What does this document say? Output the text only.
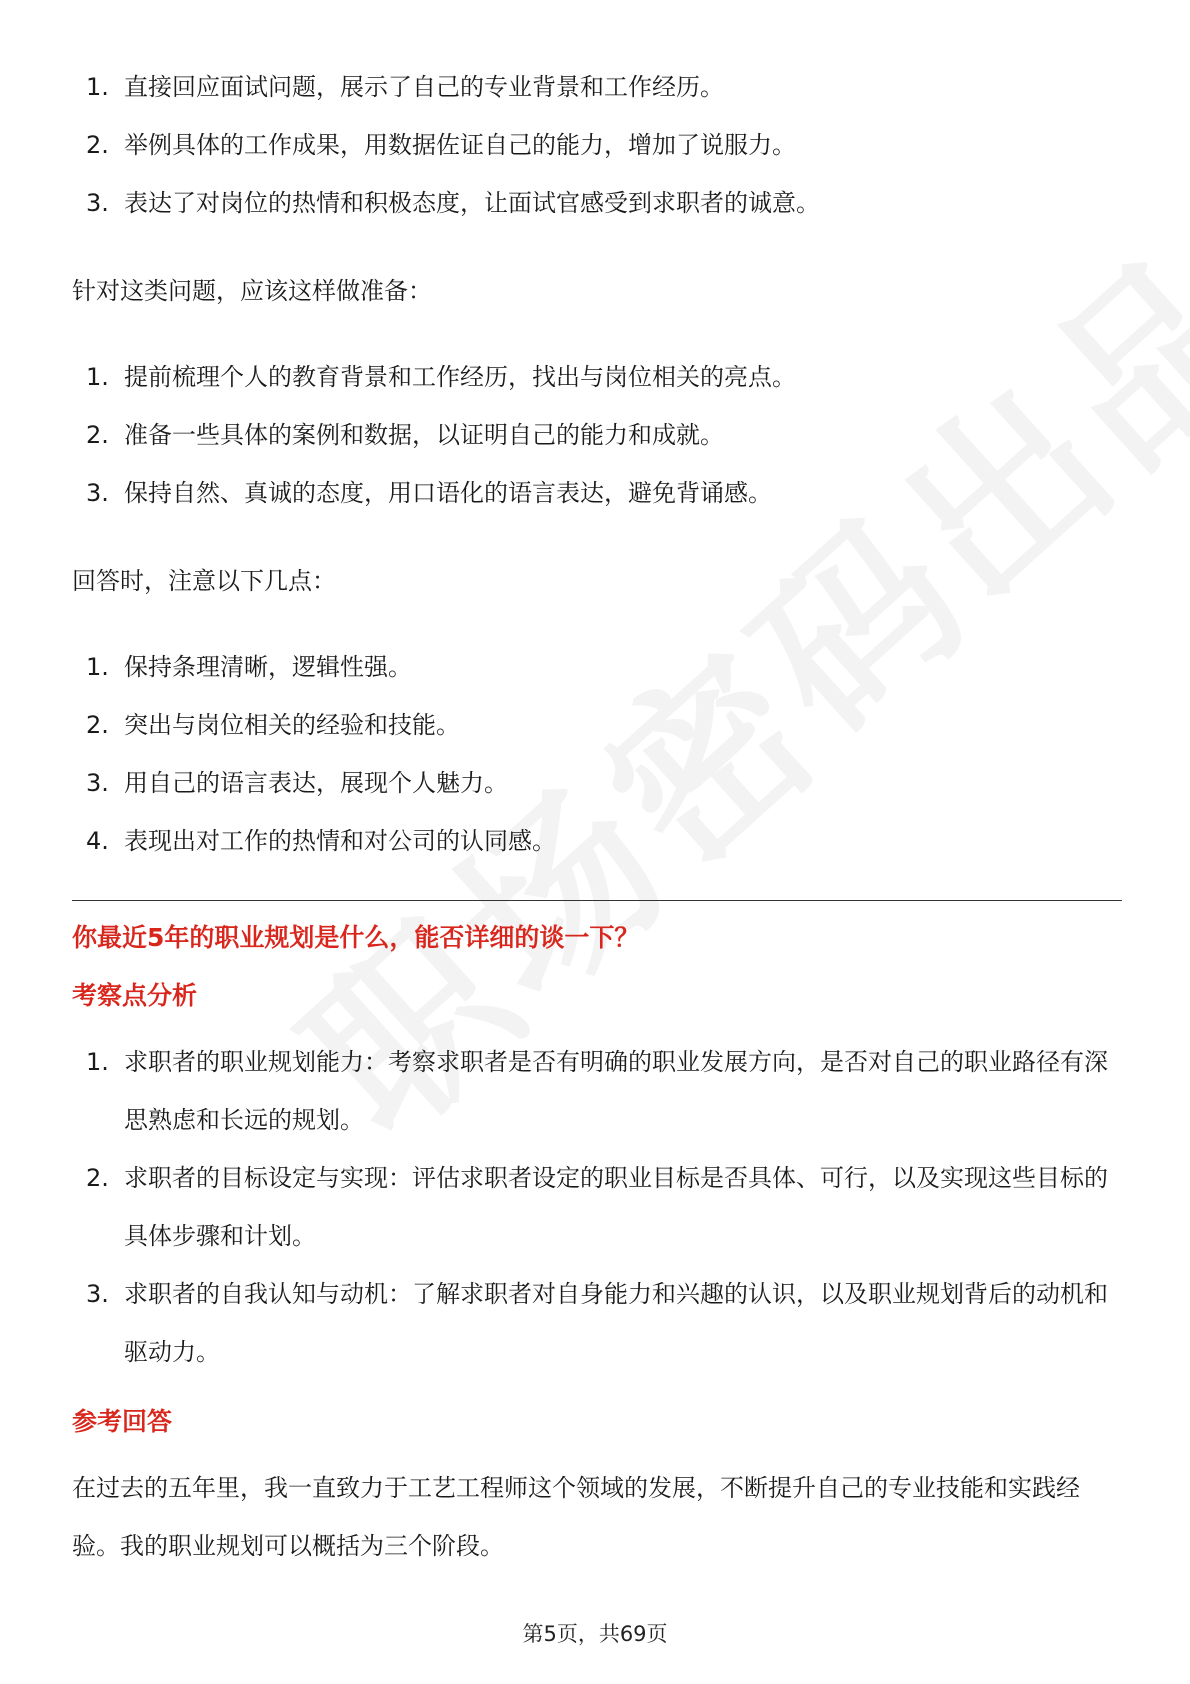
1. 直接回应面试问题，展示了自己的专业背景和工作经历。
2. 举例具体的工作成果，用数据佐证自己的能力，增加了说服力。
3. 表达了对岗位的热情和积极态度，让面试官感受到求职者的诚意。

针对这类问题，应该这样做准备：

1. 提前梳理个人的教育背景和工作经历，找出与岗位相关的亮点。
2. 准备一些具体的案例和数据，以证明自己的能力和成就。
3. 保持自然、真诚的态度，用口语化的语言表达，避免背诵感。

回答时，注意以下几点：

1. 保持条理清晰，逻辑性强。
2. 突出与岗位相关的经验和技能。
3. 用自己的语言表达，展现个人魅力。
4. 表现出对工作的热情和对公司的认同感。

你最近5年的职业规划是什么，能否详细的谈一下？

考察点分析

1. 求职者的职业规划能力：考察求职者是否有明确的职业发展方向，是否对自己的职业路径有深思熟虑和长远的规划。
2. 求职者的目标设定与实现：评估求职者设定的职业目标是否具体、可行，以及实现这些目标的具体步骤和计划。
3. 求职者的自我认知与动机：了解求职者对自身能力和兴趣的认识，以及职业规划背后的动机和驱动力。

参考回答

在过去的五年里，我一直致力于工艺工程师这个领域的发展，不断提升自己的专业技能和实践经验。我的职业规划可以概括为三个阶段。

第5页，共69页
